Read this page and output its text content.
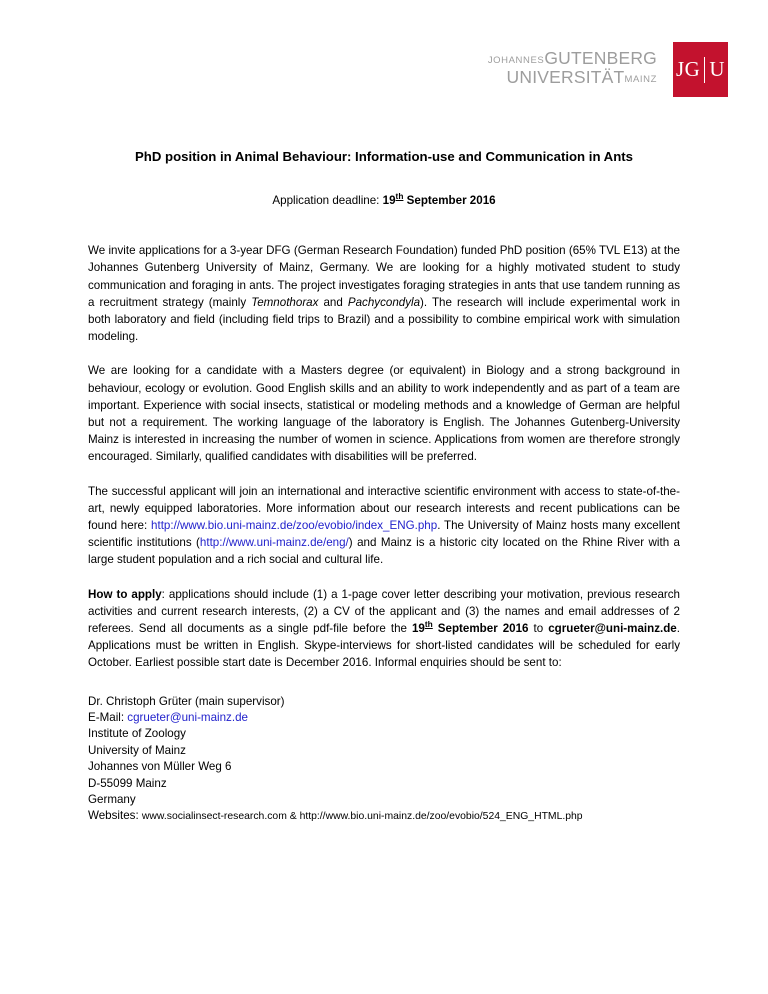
JOHANNESGUTENBERG
UNIVERSITÄTMAINZ JG U
PhD position in Animal Behaviour: Information-use and Communication in Ants
Application deadline: 19th September 2016

We invite applications for a 3-year DFG (German Research Foundation) funded PhD position (65% TVL E13) at the Johannes Gutenberg University of Mainz, Germany. We are looking for a highly motivated student to study communication and foraging in ants. The project investigates foraging strategies in ants that use tandem running as a recruitment strategy (mainly Temnothorax and Pachycondyla). The research will include experimental work in both laboratory and field (including field trips to Brazil) and a possibility to combine empirical work with simulation modeling.

We are looking for a candidate with a Masters degree (or equivalent) in Biology and a strong background in behaviour, ecology or evolution. Good English skills and an ability to work independently and as part of a team are important. Experience with social insects, statistical or modeling methods and a knowledge of German are helpful but not a requirement. The working language of the laboratory is English. The Johannes Gutenberg-University Mainz is interested in increasing the number of women in science. Applications from women are therefore strongly encouraged. Similarly, qualified candidates with disabilities will be preferred.

The successful applicant will join an international and interactive scientific environment with access to state-of-the-art, newly equipped laboratories. More information about our research interests and recent publications can be found here: http://www.bio.uni-mainz.de/zoo/evobio/index_ENG.php. The University of Mainz hosts many excellent scientific institutions (http://www.uni-mainz.de/eng/) and Mainz is a historic city located on the Rhine River with a large student population and a rich social and cultural life.

How to apply: applications should include (1) a 1-page cover letter describing your motivation, previous research activities and current research interests, (2) a CV of the applicant and (3) the names and email addresses of 2 referees. Send all documents as a single pdf-file before the 19th September 2016 to cgrueter@uni-mainz.de. Applications must be written in English. Skype-interviews for short-listed candidates will be scheduled for early October. Earliest possible start date is December 2016. Informal enquiries should be sent to:

Dr. Christoph Grüter (main supervisor)
E-Mail: cgrueter@uni-mainz.de
Institute of Zoology
University of Mainz
Johannes von Müller Weg 6
D-55099 Mainz
Germany
Websites: www.socialinsect-research.com & http://www.bio.uni-mainz.de/zoo/evobio/524_ENG_HTML.php
